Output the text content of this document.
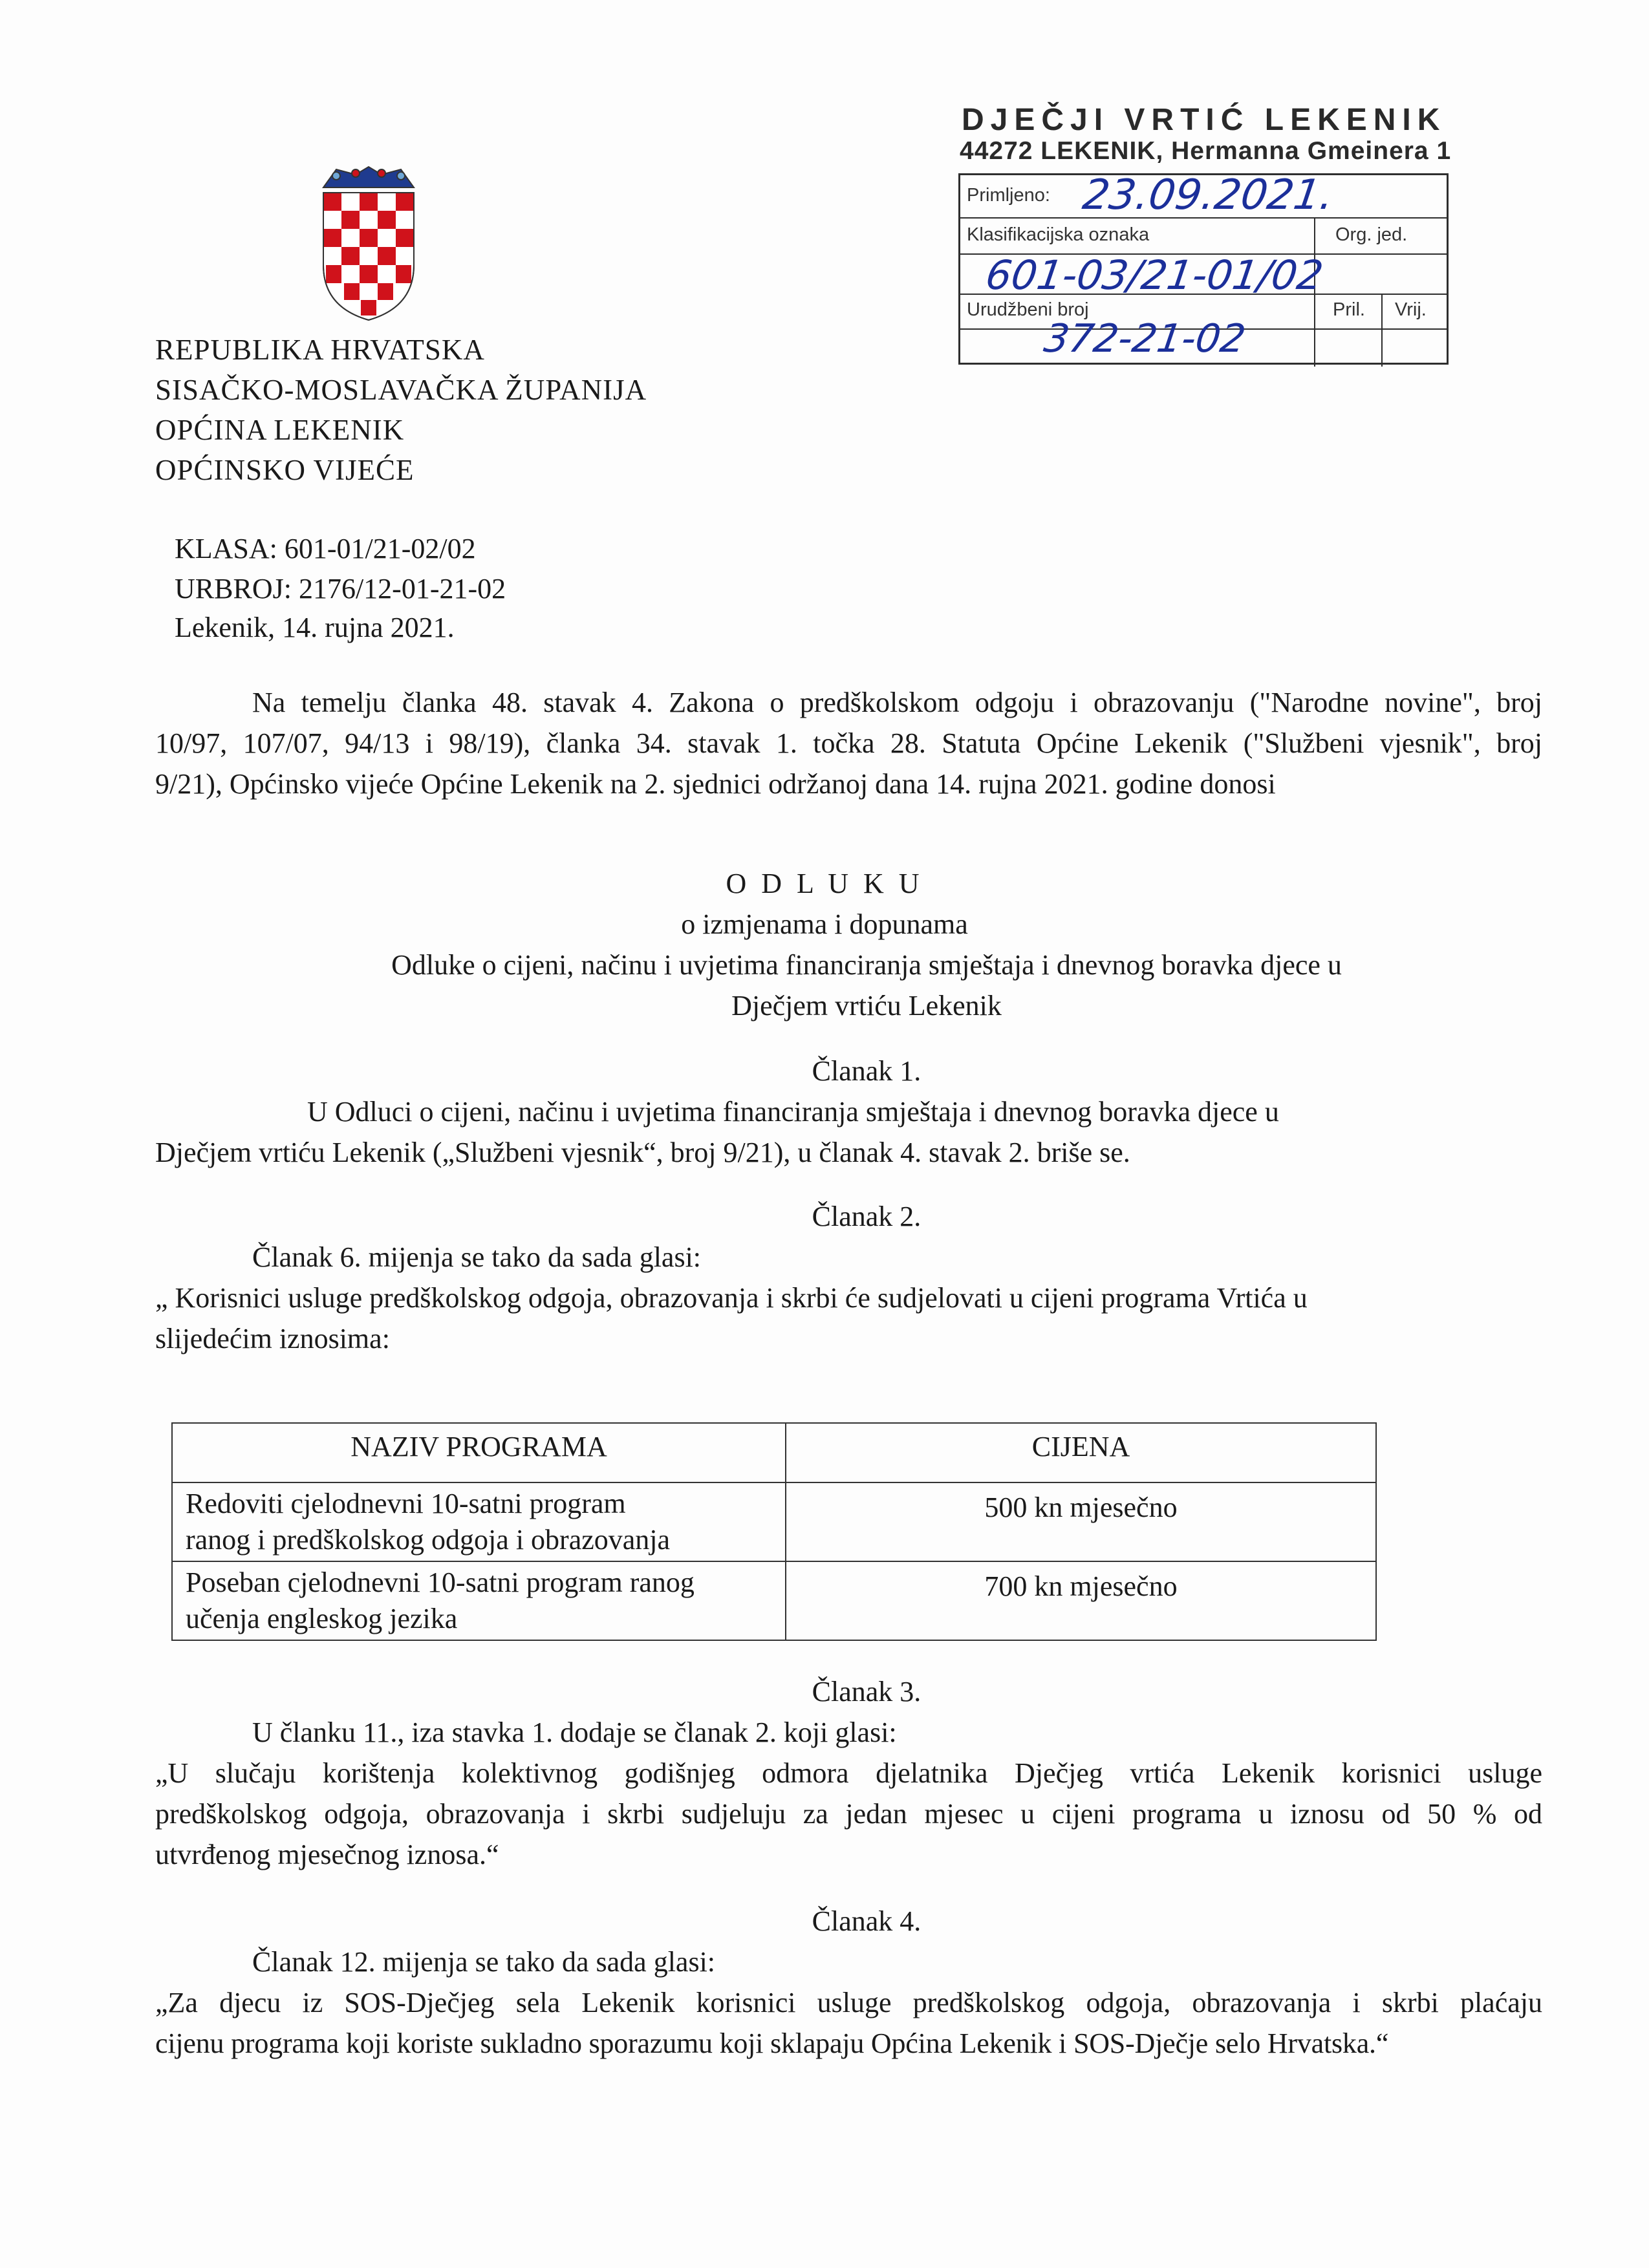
DJEČJI VRTIĆ LEKENIK
44272 LEKENIK, Hermanna Gmeinera 1
Primljeno: 23.09.2021.
Klasifikacijska oznaka	Org. jed.
601-03/21-01/02
Urudžbeni broj	Pril. Vrij.
372-21-02
REPUBLIKA HRVATSKA
SISAČKO-MOSLAVAČKA ŽUPANIJA
OPĆINA LEKENIK
OPĆINSKO VIJEĆE
KLASA: 601-01/21-02/02
URBROJ: 2176/12-01-21-02
Lekenik, 14. rujna 2021.
Na temelju članka 48. stavak 4. Zakona o predškolskom odgoju i obrazovanju ("Narodne novine", broj
10/97, 107/07, 94/13 i 98/19), članka 34. stavak 1. točka 28. Statuta Općine Lekenik ("Službeni vjesnik", broj
9/21), Općinsko vijeće Općine Lekenik na 2. sjednici održanoj dana 14. rujna 2021. godine donosi
O D L U K U
o izmjenama i dopunama
Odluke o cijeni, načinu i uvjetima financiranja smještaja i dnevnog boravka djece u
Dječjem vrtiću Lekenik
Članak 1.
U Odluci o cijeni, načinu i uvjetima financiranja smještaja i dnevnog boravka djece u
Dječjem vrtiću Lekenik („Službeni vjesnik“, broj 9/21), u članak 4. stavak 2. briše se.
Članak 2.
Članak 6. mijenja se tako da sada glasi:
„ Korisnici usluge predškolskog odgoja, obrazovanja i skrbi će sudjelovati u cijeni programa Vrtića u
slijedećim iznosima:
NAZIV PROGRAMA	CIJENA
Redoviti cjelodnevni 10-satni program
ranog i predškolskog odgoja i obrazovanja	500 kn mjesečno
Poseban cjelodnevni 10-satni program ranog
učenja engleskog jezika	700 kn mjesečno
Članak 3.
U članku 11., iza stavka 1. dodaje se članak 2. koji glasi:
„U slučaju korištenja kolektivnog godišnjeg odmora djelatnika Dječjeg vrtića Lekenik korisnici usluge
predškolskog odgoja, obrazovanja i skrbi sudjeluju za jedan mjesec u cijeni programa u iznosu od 50 % od
utvrđenog mjesečnog iznosa.“
Članak 4.
Članak 12. mijenja se tako da sada glasi:
„Za djecu iz SOS-Dječjeg sela Lekenik korisnici usluge predškolskog odgoja, obrazovanja i skrbi plaćaju
cijenu programa koji koriste sukladno sporazumu koji sklapaju Općina Lekenik i SOS-Dječje selo Hrvatska.“
